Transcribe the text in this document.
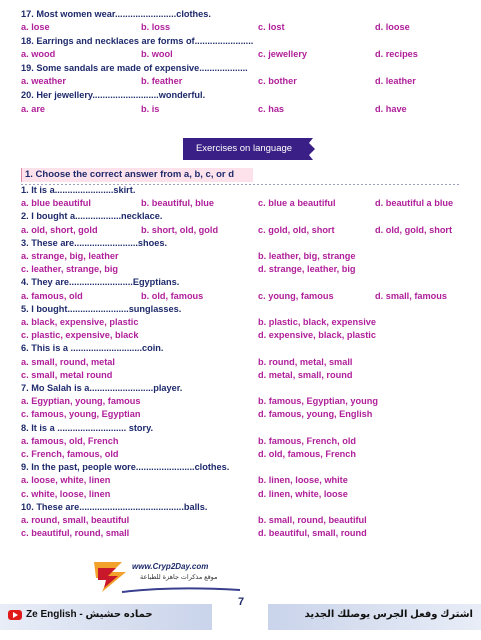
17. Most women wear........................clothes.
a. lose	b. loss	c. lost	d. loose
18. Earrings and necklaces are forms of.......................
a. wood	b. wool	c. jewellery	d. recipes
19. Some sandals are made of expensive...................
a. weather	b. feather	c. bother	d. leather
20. Her jewellery..........................wonderful.
a. are	b. is	c. has	d. have
Exercises on language
1. Choose the correct answer from a, b, c, or d
1. It is a.......................skirt.
a. blue beautiful	b. beautiful, blue	c. blue a beautiful	d. beautiful a blue
2. I bought a..................necklace.
a. old, short, gold	b. short, old, gold	c. gold, old, short	d. old, gold, short
3. These are.........................shoes.
a. strange, big, leather	b. leather, big, strange
c. leather, strange, big	d. strange, leather, big
4. They are.........................Egyptians.
a. famous, old	b. old, famous	c. young, famous	d. small, famous
5. I bought........................sunglasses.
a. black, expensive, plastic	b. plastic, black, expensive
c. plastic, expensive, black	d. expensive, black, plastic
6. This is a ............................coin.
a. small, round, metal	b. round, metal, small
c. small, metal round	d. metal, small, round
7. Mo Salah is a.........................player.
a. Egyptian, young, famous	b. famous, Egyptian, young
c. famous, young, Egyptian	d. famous, young, English
8. It is a ........................... story.
a. famous, old, French	b. famous, French, old
c. French, famous, old	d. old, famous, French
9. In the past, people wore.......................clothes.
a. loose, white, linen	b. linen, loose, white
c. white, loose, linen	d. linen, white, loose
10. These are.........................................balls.
a. round, small, beautiful	b. small, round, beautiful
c. beautiful, round, small	d. beautiful, small, round
www.Cryp2Day.com
موقع مذكرات جاهزة للطباعة
7
Ze English - حماده حشيش	اشترك وفعل الجرس يوصلك الجديد
